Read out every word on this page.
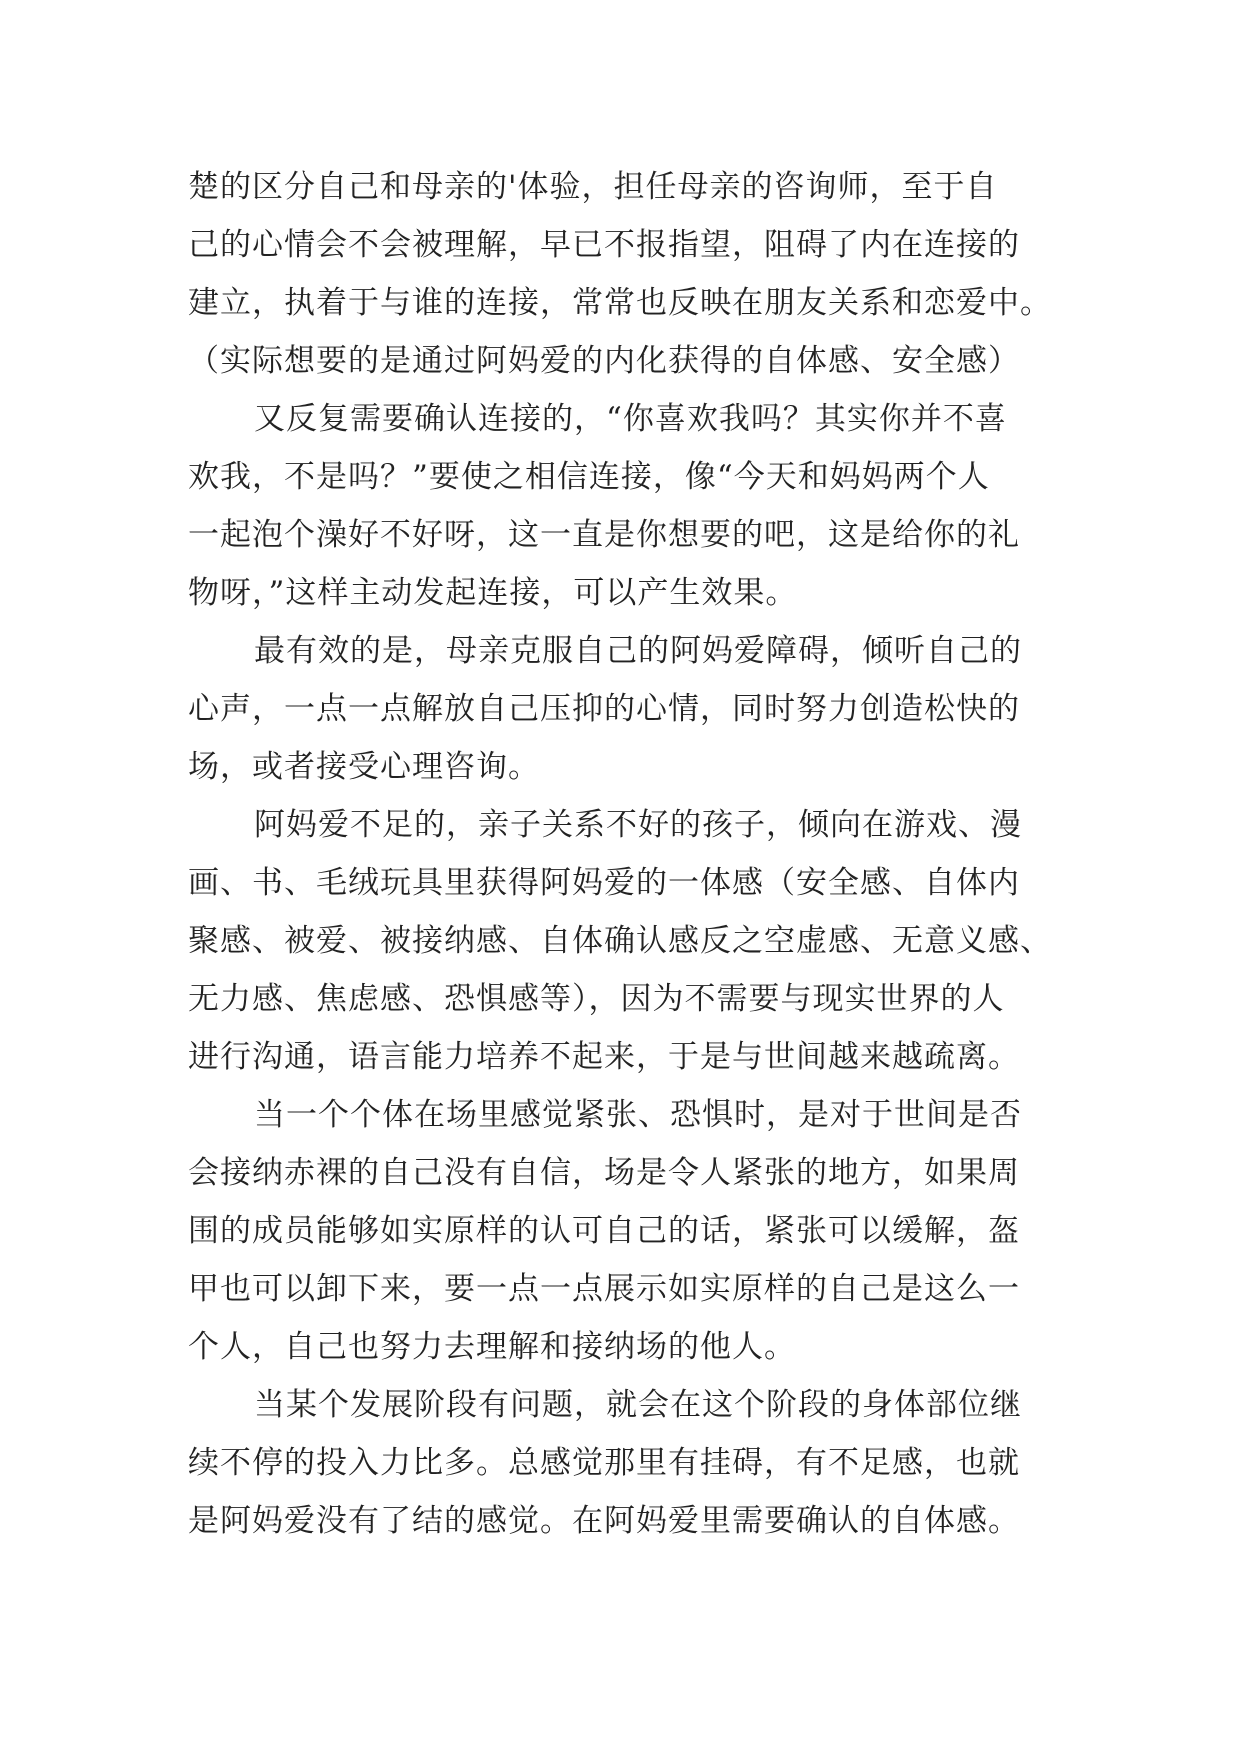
楚的区分自己和母亲的'体验，担任母亲的咨询师，至于自
己的心情会不会被理解，早已不报指望，阻碍了内在连接的
建立，执着于与谁的连接，常常也反映在朋友关系和恋爱中。
（实际想要的是通过阿妈爱的内化获得的自体感、安全感）
又反复需要确认连接的，“你喜欢我吗？其实你并不喜
欢我，不是吗？”要使之相信连接，像“今天和妈妈两个人
一起泡个澡好不好呀，这一直是你想要的吧，这是给你的礼
物呀，”这样主动发起连接，可以产生效果。
最有效的是，母亲克服自己的阿妈爱障碍，倾听自己的
心声，一点一点解放自己压抑的心情，同时努力创造松快的
场，或者接受心理咨询。
阿妈爱不足的，亲子关系不好的孩子，倾向在游戏、漫
画、书、毛绒玩具里获得阿妈爱的一体感（安全感、自体内
聚感、被爱、被接纳感、自体确认感反之空虚感、无意义感、
无力感、焦虑感、恐惧感等），因为不需要与现实世界的人
进行沟通，语言能力培养不起来，于是与世间越来越疏离。
当一个个体在场里感觉紧张、恐惧时，是对于世间是否
会接纳赤裸的自己没有自信，场是令人紧张的地方，如果周
围的成员能够如实原样的认可自己的话，紧张可以缓解，盔
甲也可以卸下来，要一点一点展示如实原样的自己是这么一
个人，自己也努力去理解和接纳场的他人。
当某个发展阶段有问题，就会在这个阶段的身体部位继
续不停的投入力比多。总感觉那里有挂碍，有不足感，也就
是阿妈爱没有了结的感觉。在阿妈爱里需要确认的自体感。
